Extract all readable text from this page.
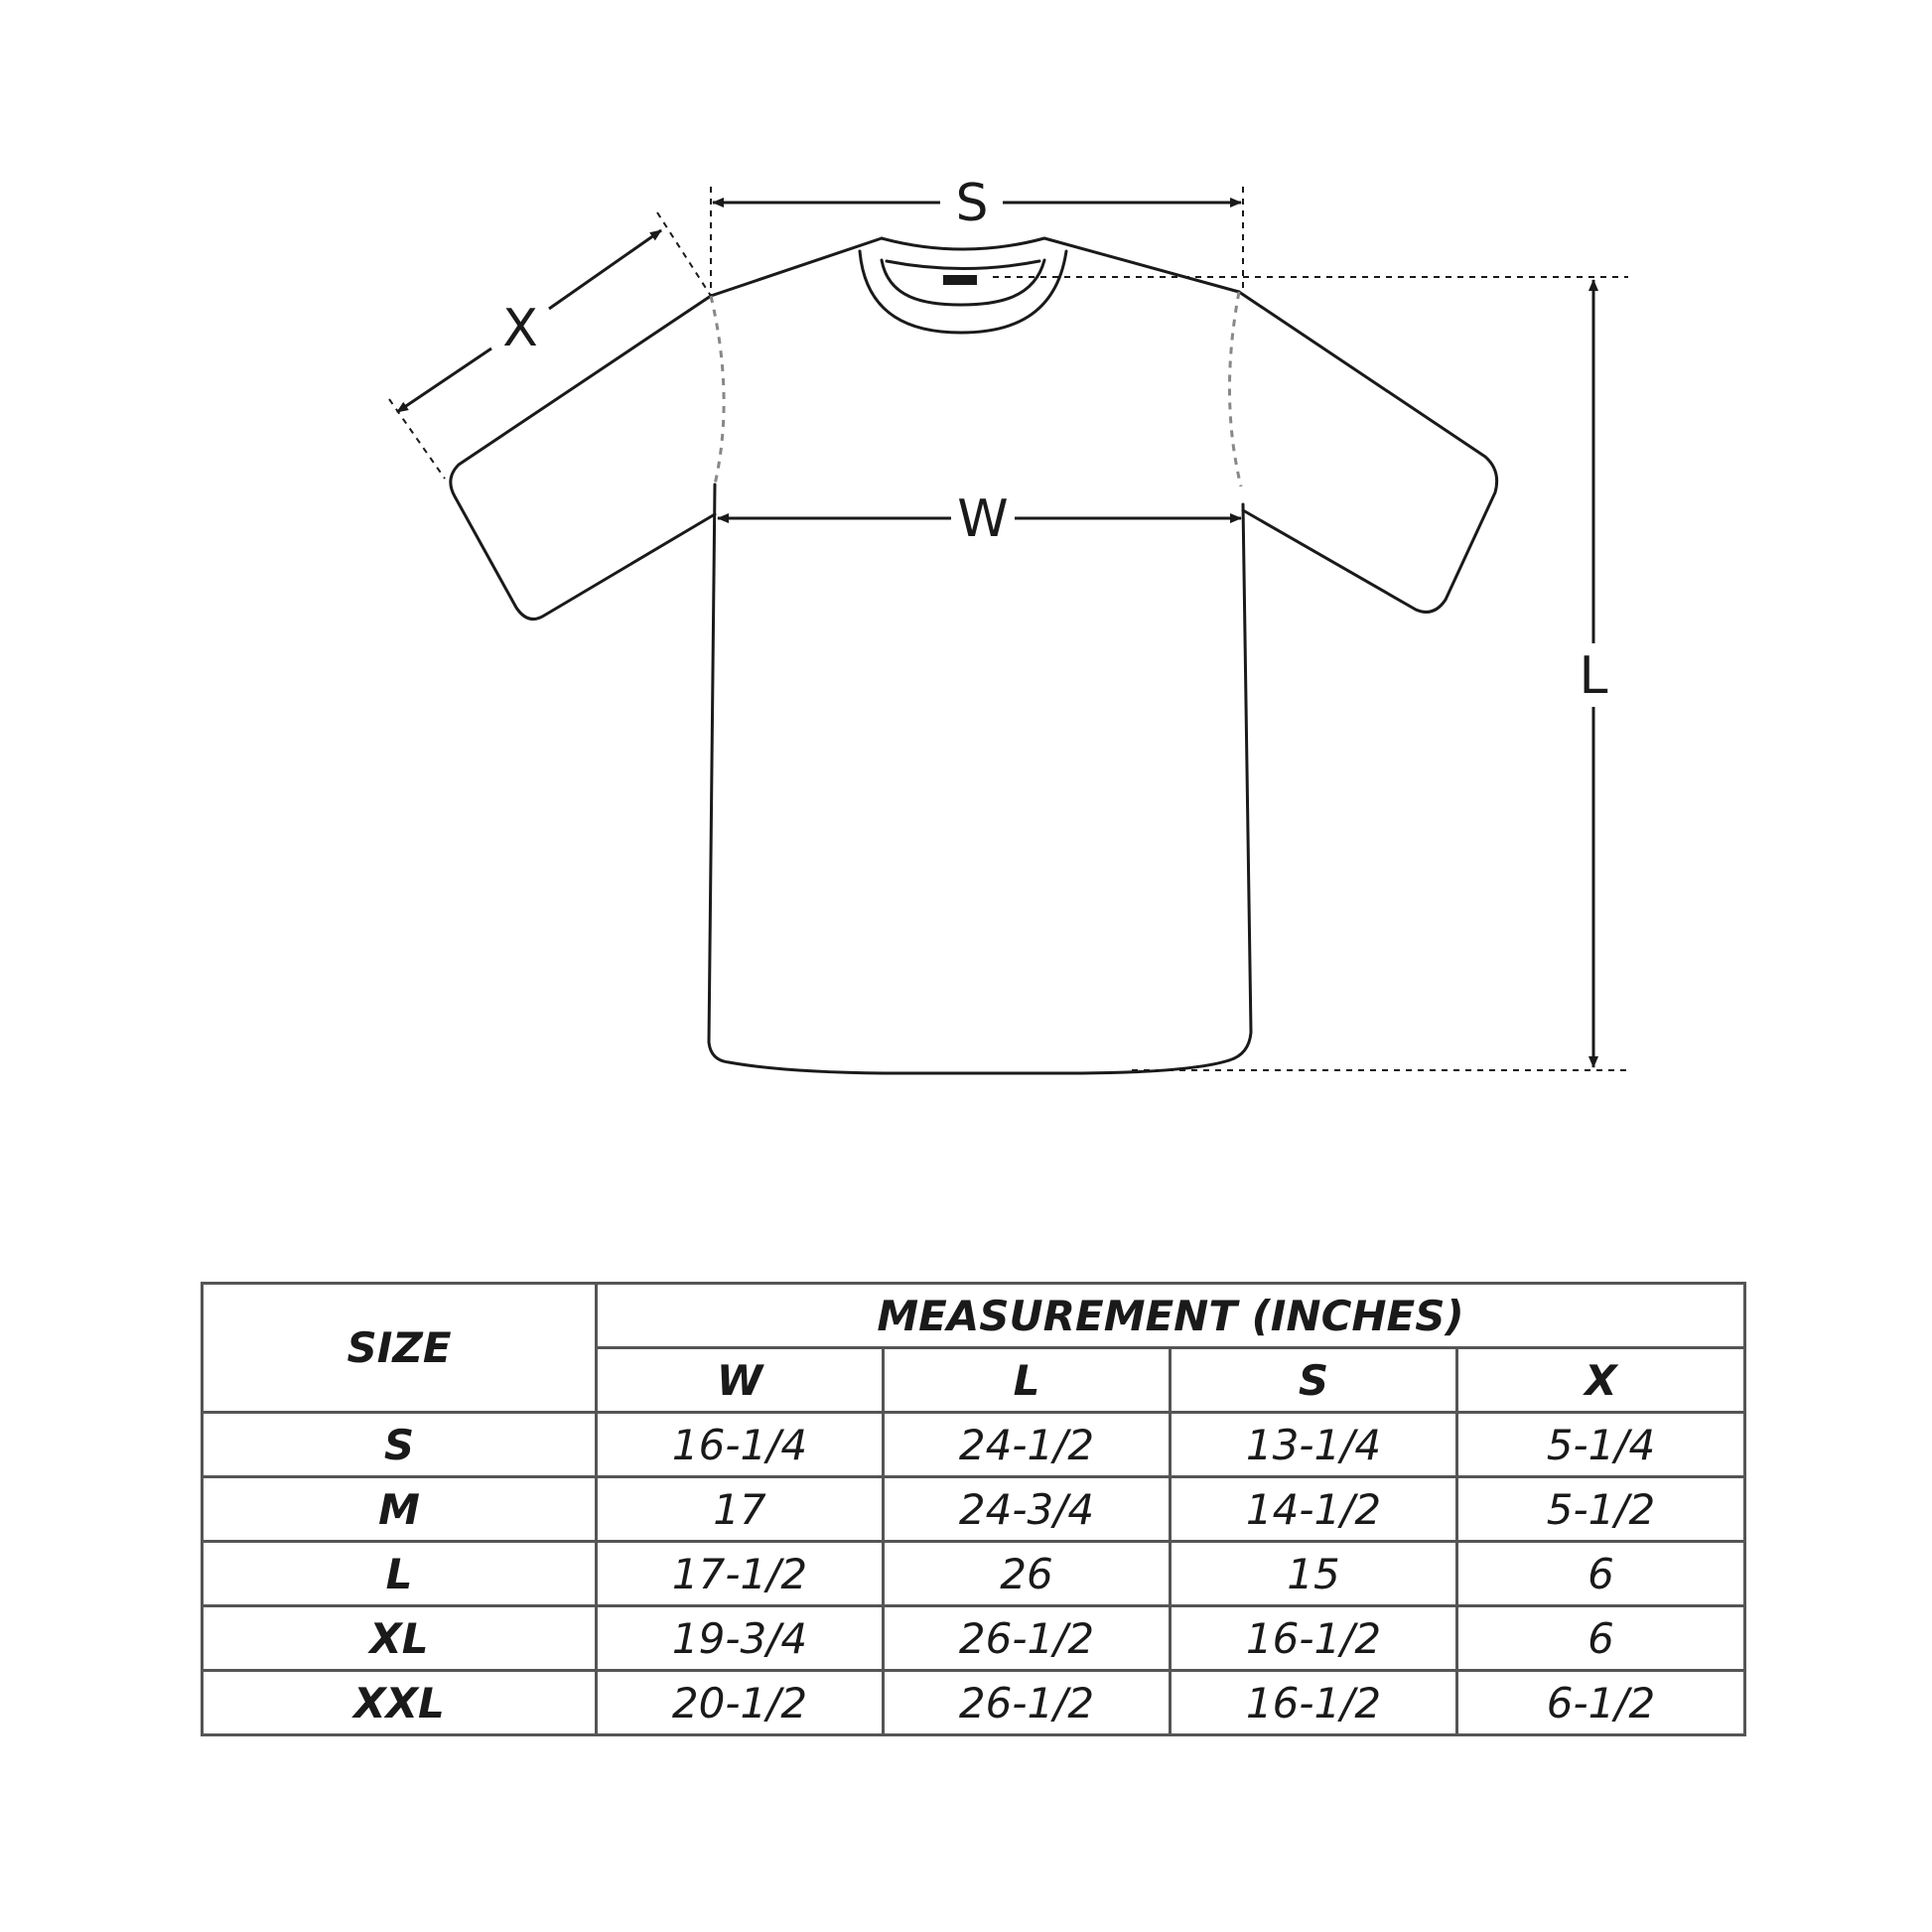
S
X
W
L
SIZE	MEASUREMENT (INCHES)			
	W	L	S	X
S	16-1/4	24-1/2	13-1/4	5-1/4
M	17	24-3/4	14-1/2	5-1/2
L	17-1/2	26	15	6
XL	19-3/4	26-1/2	16-1/2	6
XXL	20-1/2	26-1/2	16-1/2	6-1/2
